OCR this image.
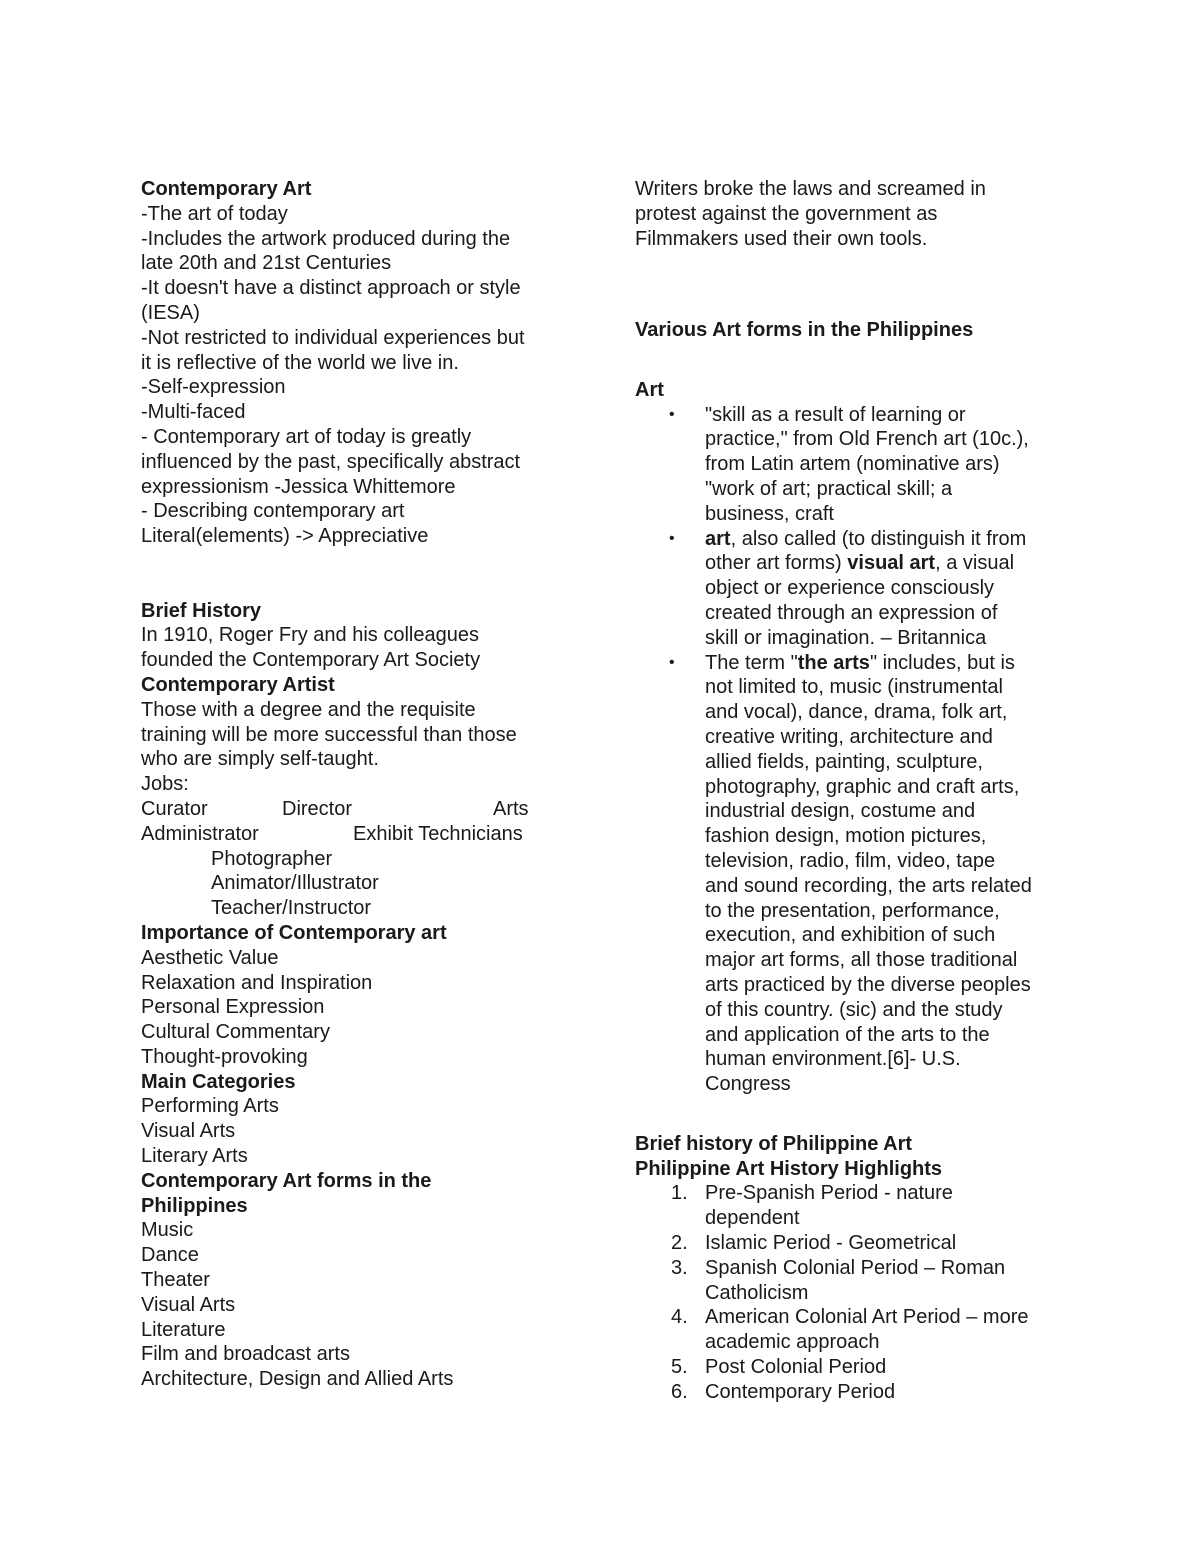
Contemporary Art
-The art of today
-Includes the artwork produced during the
late 20th and 21st Centuries
-It doesn't have a distinct approach or style
(IESA)
-Not restricted to individual experiences but
it is reflective of the world we live in.
-Self-expression
-Multi-faced
- Contemporary art of today is greatly
influenced by the past, specifically abstract
expressionism -Jessica Whittemore
- Describing contemporary art
Literal(elements) -> Appreciative
Brief History
In 1910, Roger Fry and his colleagues
founded the Contemporary Art Society
Contemporary Artist
Those with a degree and the requisite
training will be more successful than those
who are simply self-taught.
Jobs:
Curator	Director	Arts
Administrator	Exhibit Technicians
Photographer
Animator/Illustrator
Teacher/Instructor
Importance of Contemporary art
Aesthetic Value
Relaxation and Inspiration
Personal Expression
Cultural Commentary
Thought-provoking
Main Categories
Performing Arts
Visual Arts
Literary Arts
Contemporary Art forms in the
Philippines
Music
Dance
Theater
Visual Arts
Literature
Film and broadcast arts
Architecture, Design and Allied Arts
Writers broke the laws and screamed in
protest against the government as
Filmmakers used their own tools.
Various Art forms in the Philippines
Art
• "skill as a result of learning or
practice," from Old French art (10c.),
from Latin artem (nominative ars)
"work of art; practical skill; a
business, craft
• art, also called (to distinguish it from
other art forms) visual art, a visual
object or experience consciously
created through an expression of
skill or imagination. – Britannica
• The term "the arts" includes, but is
not limited to, music (instrumental
and vocal), dance, drama, folk art,
creative writing, architecture and
allied fields, painting, sculpture,
photography, graphic and craft arts,
industrial design, costume and
fashion design, motion pictures,
television, radio, film, video, tape
and sound recording, the arts related
to the presentation, performance,
execution, and exhibition of such
major art forms, all those traditional
arts practiced by the diverse peoples
of this country. (sic) and the study
and application of the arts to the
human environment.[6]- U.S.
Congress
Brief history of Philippine Art
Philippine Art History Highlights
1. Pre-Spanish Period - nature
dependent
2. Islamic Period - Geometrical
3. Spanish Colonial Period – Roman
Catholicism
4. American Colonial Art Period – more
academic approach
5. Post Colonial Period
6. Contemporary Period
